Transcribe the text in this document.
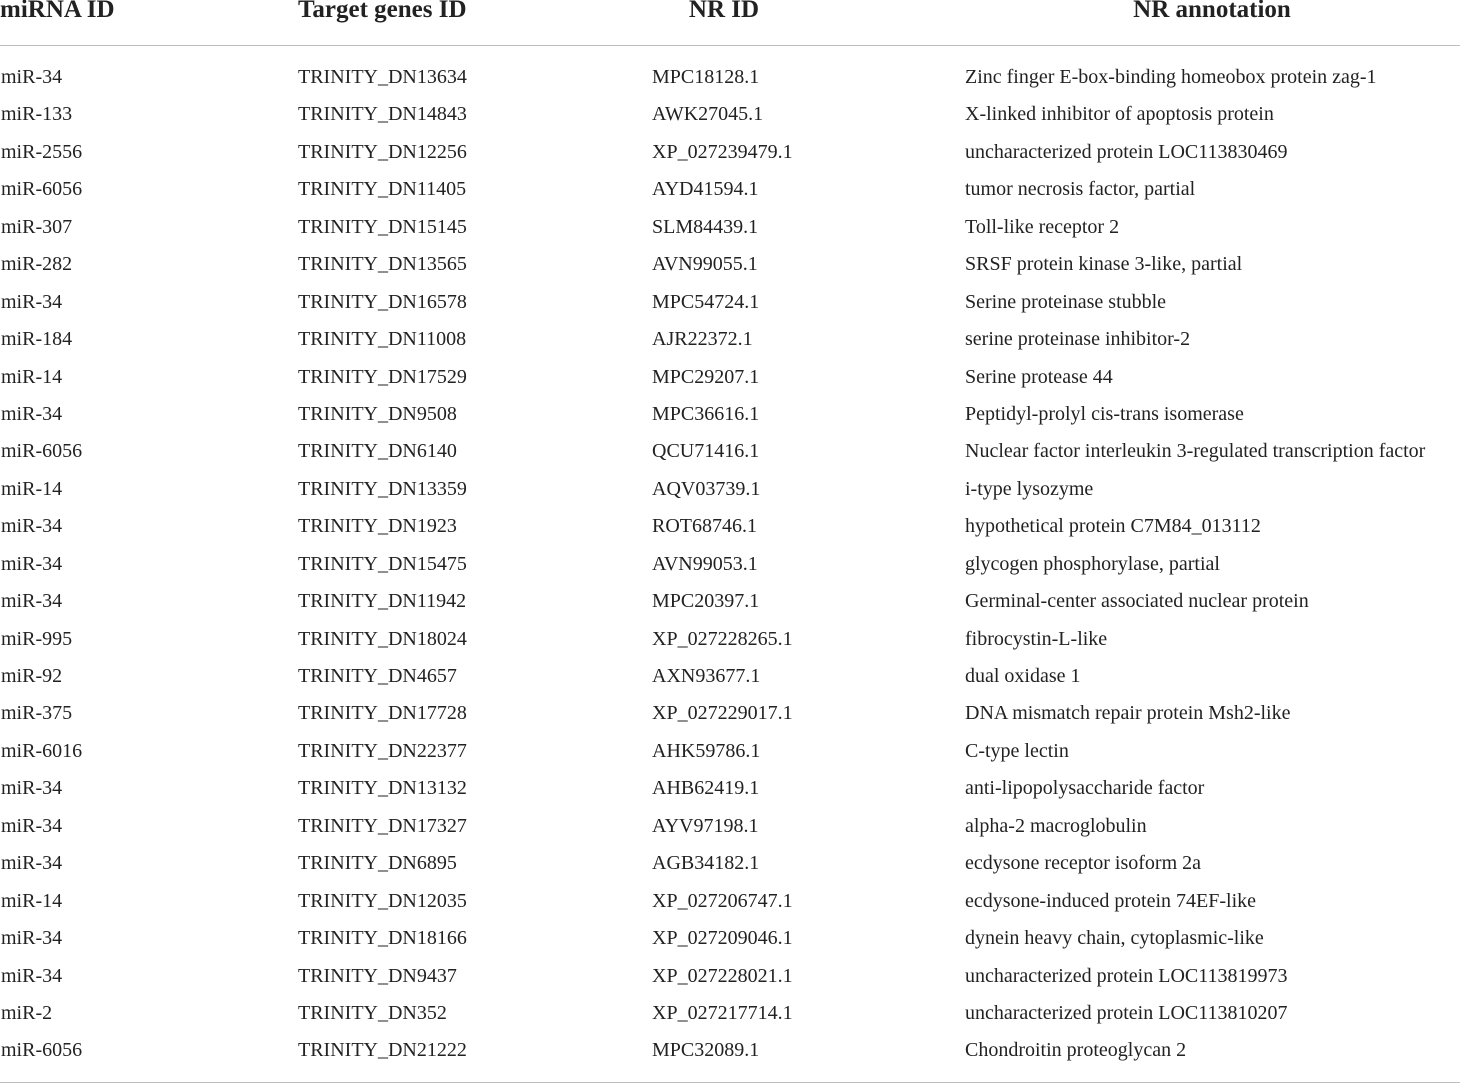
miRNA ID	Target genes ID	NR ID	NR annotation
miR-34	TRINITY_DN13634	MPC18128.1	Zinc finger E-box-binding homeobox protein zag-1
miR-133	TRINITY_DN14843	AWK27045.1	X-linked inhibitor of apoptosis protein
miR-2556	TRINITY_DN12256	XP_027239479.1	uncharacterized protein LOC113830469
miR-6056	TRINITY_DN11405	AYD41594.1	tumor necrosis factor, partial
miR-307	TRINITY_DN15145	SLM84439.1	Toll-like receptor 2
miR-282	TRINITY_DN13565	AVN99055.1	SRSF protein kinase 3-like, partial
miR-34	TRINITY_DN16578	MPC54724.1	Serine proteinase stubble
miR-184	TRINITY_DN11008	AJR22372.1	serine proteinase inhibitor-2
miR-14	TRINITY_DN17529	MPC29207.1	Serine protease 44
miR-34	TRINITY_DN9508	MPC36616.1	Peptidyl-prolyl cis-trans isomerase
miR-6056	TRINITY_DN6140	QCU71416.1	Nuclear factor interleukin 3-regulated transcription factor
miR-14	TRINITY_DN13359	AQV03739.1	i-type lysozyme
miR-34	TRINITY_DN1923	ROT68746.1	hypothetical protein C7M84_013112
miR-34	TRINITY_DN15475	AVN99053.1	glycogen phosphorylase, partial
miR-34	TRINITY_DN11942	MPC20397.1	Germinal-center associated nuclear protein
miR-995	TRINITY_DN18024	XP_027228265.1	fibrocystin-L-like
miR-92	TRINITY_DN4657	AXN93677.1	dual oxidase 1
miR-375	TRINITY_DN17728	XP_027229017.1	DNA mismatch repair protein Msh2-like
miR-6016	TRINITY_DN22377	AHK59786.1	C-type lectin
miR-34	TRINITY_DN13132	AHB62419.1	anti-lipopolysaccharide factor
miR-34	TRINITY_DN17327	AYV97198.1	alpha-2 macroglobulin
miR-34	TRINITY_DN6895	AGB34182.1	ecdysone receptor isoform 2a
miR-14	TRINITY_DN12035	XP_027206747.1	ecdysone-induced protein 74EF-like
miR-34	TRINITY_DN18166	XP_027209046.1	dynein heavy chain, cytoplasmic-like
miR-34	TRINITY_DN9437	XP_027228021.1	uncharacterized protein LOC113819973
miR-2	TRINITY_DN352	XP_027217714.1	uncharacterized protein LOC113810207
miR-6056	TRINITY_DN21222	MPC32089.1	Chondroitin proteoglycan 2
